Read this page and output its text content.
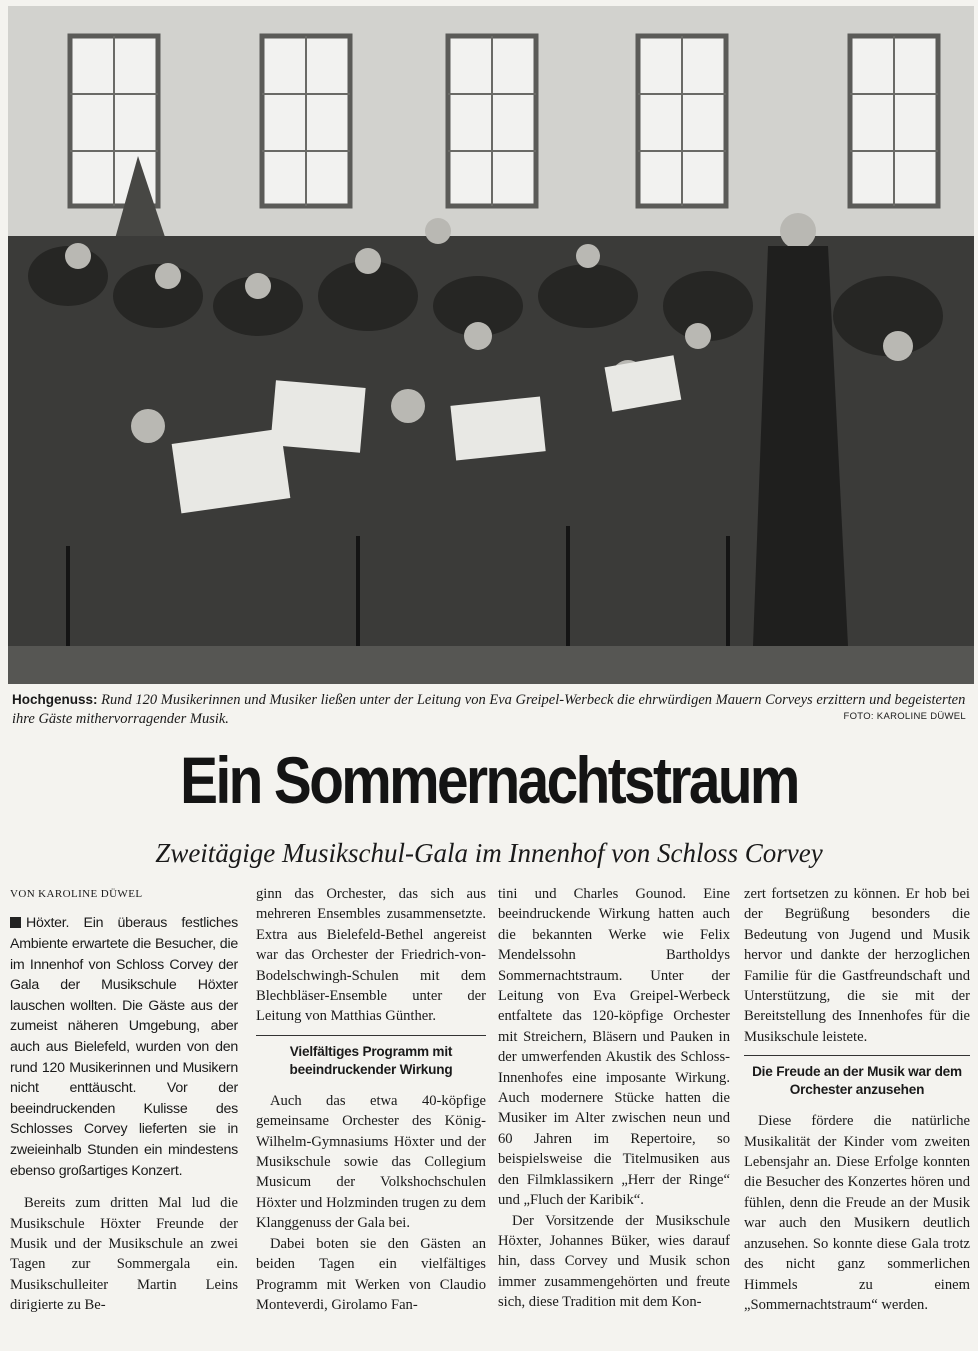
Hochgenuss: Rund 120 Musikerinnen und Musiker ließen unter der Leitung von Eva Greipel-Werbeck die ehrwürdigen Mauern Corveys erzittern und begeisterten ihre Gäste mithervorragender Musik.	FOTO: KAROLINE DÜWEL
Ein Sommernachtstraum
Zweitägige Musikschul-Gala im Innenhof von Schloss Corvey

VON KAROLINE DÜWEL

Höxter. Ein überaus festliches Ambiente erwartete die Besucher, die im Innenhof von Schloss Corvey der Gala der Musikschule Höxter lauschen wollten. Die Gäste aus der zumeist näheren Umgebung, aber auch aus Bielefeld, wurden von den rund 120 Musikerinnen und Musikern nicht enttäuscht. Vor der beeindruckenden Kulisse des Schlosses Corvey lieferten sie in zweieinhalb Stunden ein mindestens ebenso großartiges Konzert.

Bereits zum dritten Mal lud die Musikschule Höxter Freunde der Musik und der Musikschule an zwei Tagen zur Sommergala ein. Musikschulleiter Martin Leins dirigierte zu Be-

ginn das Orchester, das sich aus mehreren Ensembles zusammensetzte. Extra aus Bielefeld-Bethel angereist war das Orchester der Friedrich-von-Bodelschwingh-Schulen mit dem Blechbläser-Ensemble unter der Leitung von Matthias Günther.

Vielfältiges Programm mit beeindruckender Wirkung

Auch das etwa 40-köpfige gemeinsame Orchester des König-Wilhelm-Gymnasiums Höxter und der Musikschule sowie das Collegium Musicum der Volkshochschulen Höxter und Holzminden trugen zu dem Klanggenuss der Gala bei.

Dabei boten sie den Gästen an beiden Tagen ein vielfältiges Programm mit Werken von Claudio Monteverdi, Girolamo Fan-

tini und Charles Gounod. Eine beeindruckende Wirkung hatten auch die bekannten Werke wie Felix Mendelssohn Bartholdys Sommernachtstraum. Unter der Leitung von Eva Greipel-Werbeck entfaltete das 120-köpfige Orchester mit Streichern, Bläsern und Pauken in der umwerfenden Akustik des Schloss-Innenhofes eine imposante Wirkung. Auch modernere Stücke hatten die Musiker im Alter zwischen neun und 60 Jahren im Repertoire, so beispielsweise die Titelmusiken aus den Filmklassikern „Herr der Ringe“ und „Fluch der Karibik“.

Der Vorsitzende der Musikschule Höxter, Johannes Büker, wies darauf hin, dass Corvey und Musik schon immer zusammengehörten und freute sich, diese Tradition mit dem Kon-

zert fortsetzen zu können. Er hob bei der Begrüßung besonders die Bedeutung von Jugend und Musik hervor und dankte der herzoglichen Familie für die Gastfreundschaft und Unterstützung, die sie mit der Bereitstellung des Innenhofes für die Musikschule leistete.

Die Freude an der Musik war dem Orchester anzusehen

Diese fördere die natürliche Musikalität der Kinder vom zweiten Lebensjahr an. Diese Erfolge konnten die Besucher des Konzertes hören und fühlen, denn die Freude an der Musik war auch den Musikern deutlich anzusehen. So konnte diese Gala trotz des nicht ganz sommerlichen Himmels zu einem „Sommernachtstraum“ werden.
